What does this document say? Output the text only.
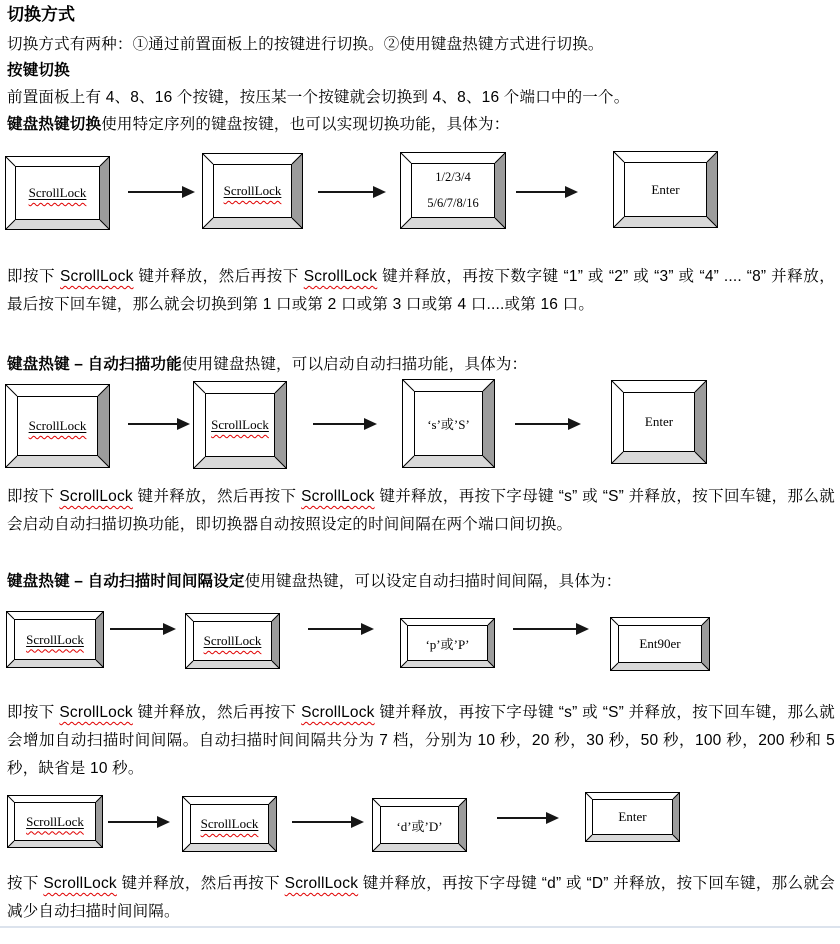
切换方式
切换方式有两种：①通过前置面板上的按键进行切换。②使用键盘热键方式进行切换。
按键切换
前置面板上有 4、8、16 个按键，按压某一个按键就会切换到 4、8、16 个端口中的一个。
键盘热键切换使用特定序列的键盘按键，也可以实现切换功能，具体为：
ScrollLock	ScrollLock
1/2/3/4
5/6/7/8/16
Enter
即按下 ScrollLock 键并释放，然后再按下 ScrollLock 键并释放，再按下数字键 “1” 或 “2” 或 “3” 或 “4” .... “8” 并释放，最后按下回车键，那么就会切换到第 1 口或第 2 口或第 3 口或第 4 口....或第 16 口。
键盘热键 – 自动扫描功能使用键盘热键，可以启动自动扫描功能，具体为：
ScrollLock	ScrollLock	‘s’或’S’	Enter
即按下 ScrollLock 键并释放，然后再按下 ScrollLock 键并释放，再按下字母键 “s” 或 “S” 并释放，按下回车键，那么就会启动自动扫描切换功能，即切换器自动按照设定的时间间隔在两个端口间切换。
键盘热键 – 自动扫描时间间隔设定使用键盘热键，可以设定自动扫描时间间隔，具体为：
ScrollLock	ScrollLock	‘p’或’P’	Ent90er
即按下 ScrollLock 键并释放，然后再按下 ScrollLock 键并释放，再按下字母键 “s” 或 “S” 并释放，按下回车键，那么就会增加自动扫描时间间隔。自动扫描时间间隔共分为 7 档，分别为 10 秒，20 秒，30 秒，50 秒，100 秒，200 秒和 5 秒，缺省是 10 秒。
ScrollLock	ScrollLock	‘d’或’D’
Enter
按下 ScrollLock 键并释放，然后再按下 ScrollLock 键并释放，再按下字母键 “d” 或 “D” 并释放，按下回车键，那么就会减少自动扫描时间间隔。
